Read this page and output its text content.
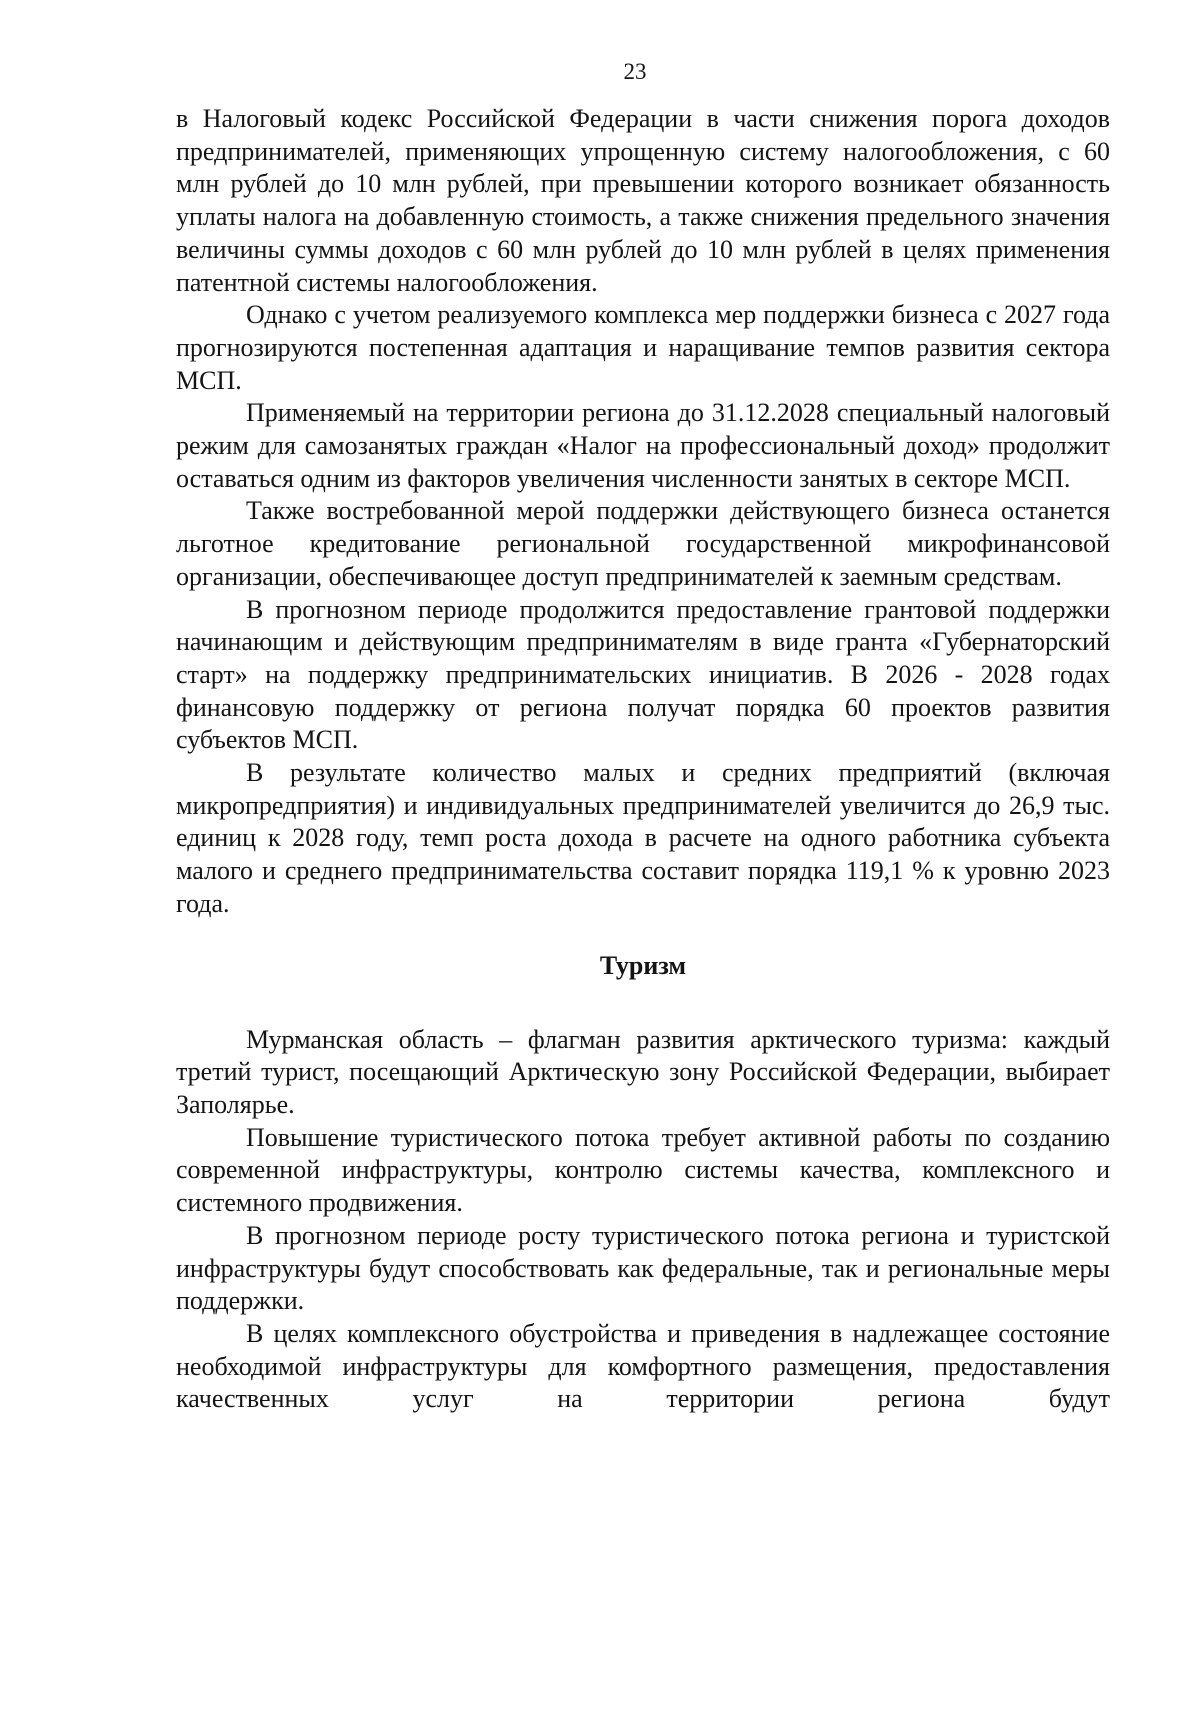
23

в Налоговый кодекс Российской Федерации в части снижения порога доходов предпринимателей, применяющих упрощенную систему налогообложения, с 60 млн рублей до 10 млн рублей, при превышении которого возникает обязанность уплаты налога на добавленную стоимость, а также снижения предельного значения величины суммы доходов с 60 млн рублей до 10 млн рублей в целях применения патентной системы налогообложения.

Однако с учетом реализуемого комплекса мер поддержки бизнеса с 2027 года прогнозируются постепенная адаптация и наращивание темпов развития сектора МСП.

Применяемый на территории региона до 31.12.2028 специальный налоговый режим для самозанятых граждан «Налог на профессиональный доход» продолжит оставаться одним из факторов увеличения численности занятых в секторе МСП.

Также востребованной мерой поддержки действующего бизнеса останется льготное кредитование региональной государственной микрофинансовой организации, обеспечивающее доступ предпринимателей к заемным средствам.

В прогнозном периоде продолжится предоставление грантовой поддержки начинающим и действующим предпринимателям в виде гранта «Губернаторский старт» на поддержку предпринимательских инициатив. В 2026 - 2028 годах финансовую поддержку от региона получат порядка 60 проектов развития субъектов МСП.

В результате количество малых и средних предприятий (включая микропредприятия) и индивидуальных предпринимателей увеличится до 26,9 тыс. единиц к 2028 году, темп роста дохода в расчете на одного работника субъекта малого и среднего предпринимательства составит порядка 119,1 % к уровню 2023 года.

Туризм

Мурманская область – флагман развития арктического туризма: каждый третий турист, посещающий Арктическую зону Российской Федерации, выбирает Заполярье.

Повышение туристического потока требует активной работы по созданию современной инфраструктуры, контролю системы качества, комплексного и системного продвижения.

В прогнозном периоде росту туристического потока региона и туристской инфраструктуры будут способствовать как федеральные, так и региональные меры поддержки.

В целях комплексного обустройства и приведения в надлежащее состояние необходимой инфраструктуры для комфортного размещения, предоставления качественных услуг на территории региона будут
